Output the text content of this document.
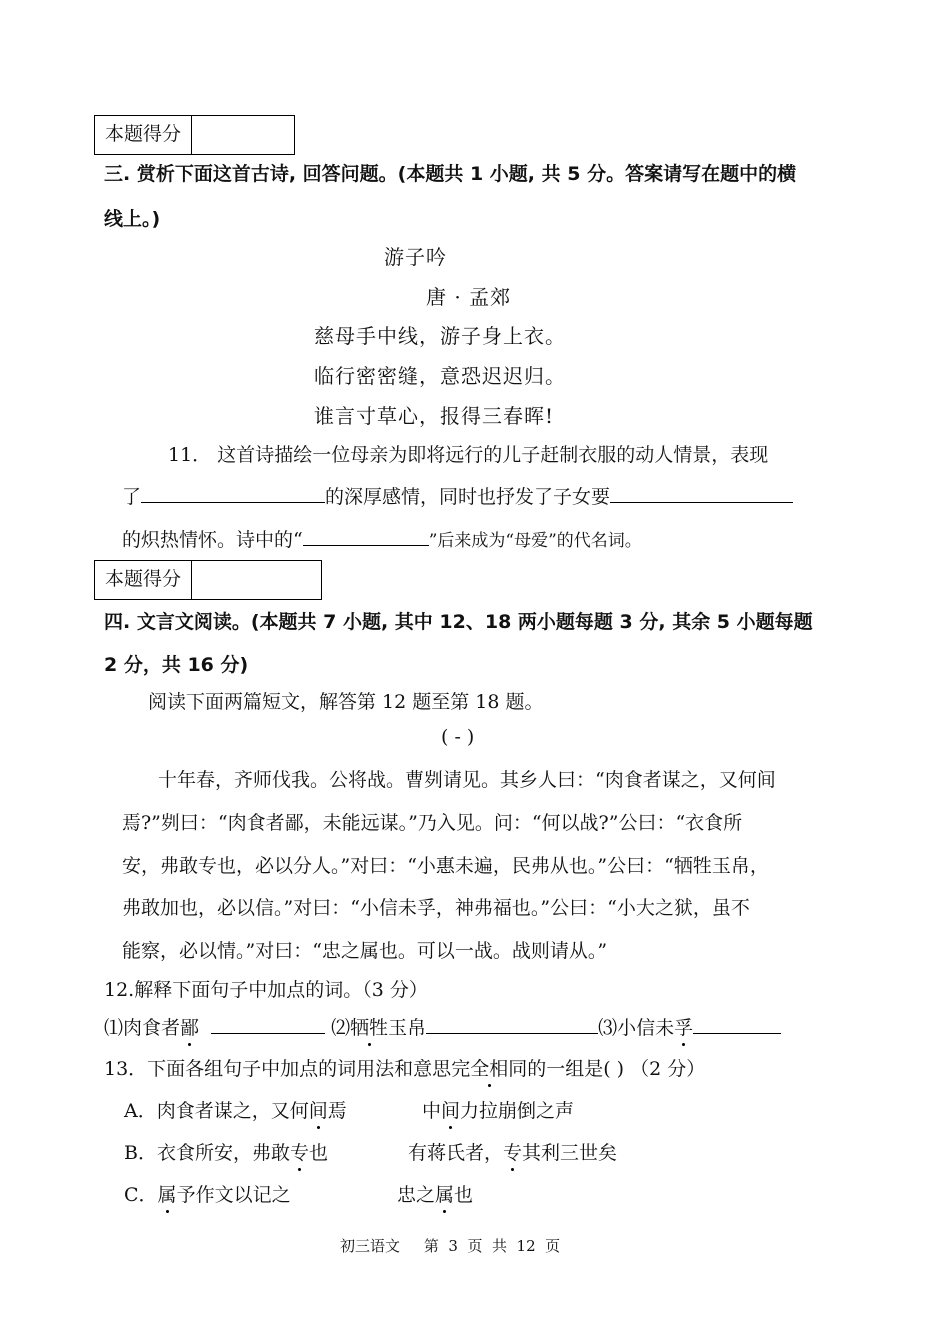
本题得分
三. 赏析下面这首古诗, 回答问题。(本题共 1 小题, 共 5 分。答案请写在题中的横
线上。)
游子吟
唐 · 孟郊
慈母手中线，游子身上衣。
临行密密缝，意恐迟迟归。
谁言寸草心，报得三春晖!
11． 这首诗描绘一位母亲为即将远行的儿子赶制衣服的动人情景，表现
了	的深厚感情，同时也抒发了子女要
的炽热情怀。诗中的“	”后来成为“母爱”的代名词。
本题得分
四. 文言文阅读。(本题共 7 小题, 其中 12、18 两小题每题 3 分, 其余 5 小题每题
2 分，共 16 分)
阅读下面两篇短文，解答第 12 题至第 18 题。
( - )
十年春，齐师伐我。公将战。曹刿请见。其乡人曰：“肉食者谋之，又何间
焉?”刿曰：“肉食者鄙，未能远谋。”乃入见。问：“何以战?”公曰：“衣食所
安，弗敢专也，必以分人。”对曰：“小惠未遍，民弗从也。”公曰：“牺牲玉帛，
弗敢加也，必以信。”对曰：“小信未孚，神弗福也。”公曰：“小大之狱，虽不
能察，必以情。”对曰：“忠之属也。可以一战。战则请从。”
12.解释下面句子中加点的词。（3 分）
⑴肉食者鄙	⑵牺牲玉帛	⑶小信未孚
13．下面各组句子中加点的词用法和意思完全相同的一组是( ) （2 分）
A．肉食者谋之，又何间焉	中间力拉崩倒之声
B．衣食所安，弗敢专也	有蒋氏者，专其利三世矣
C．属予作文以记之	忠之属也
初三语文     第  3  页  共  12  页
